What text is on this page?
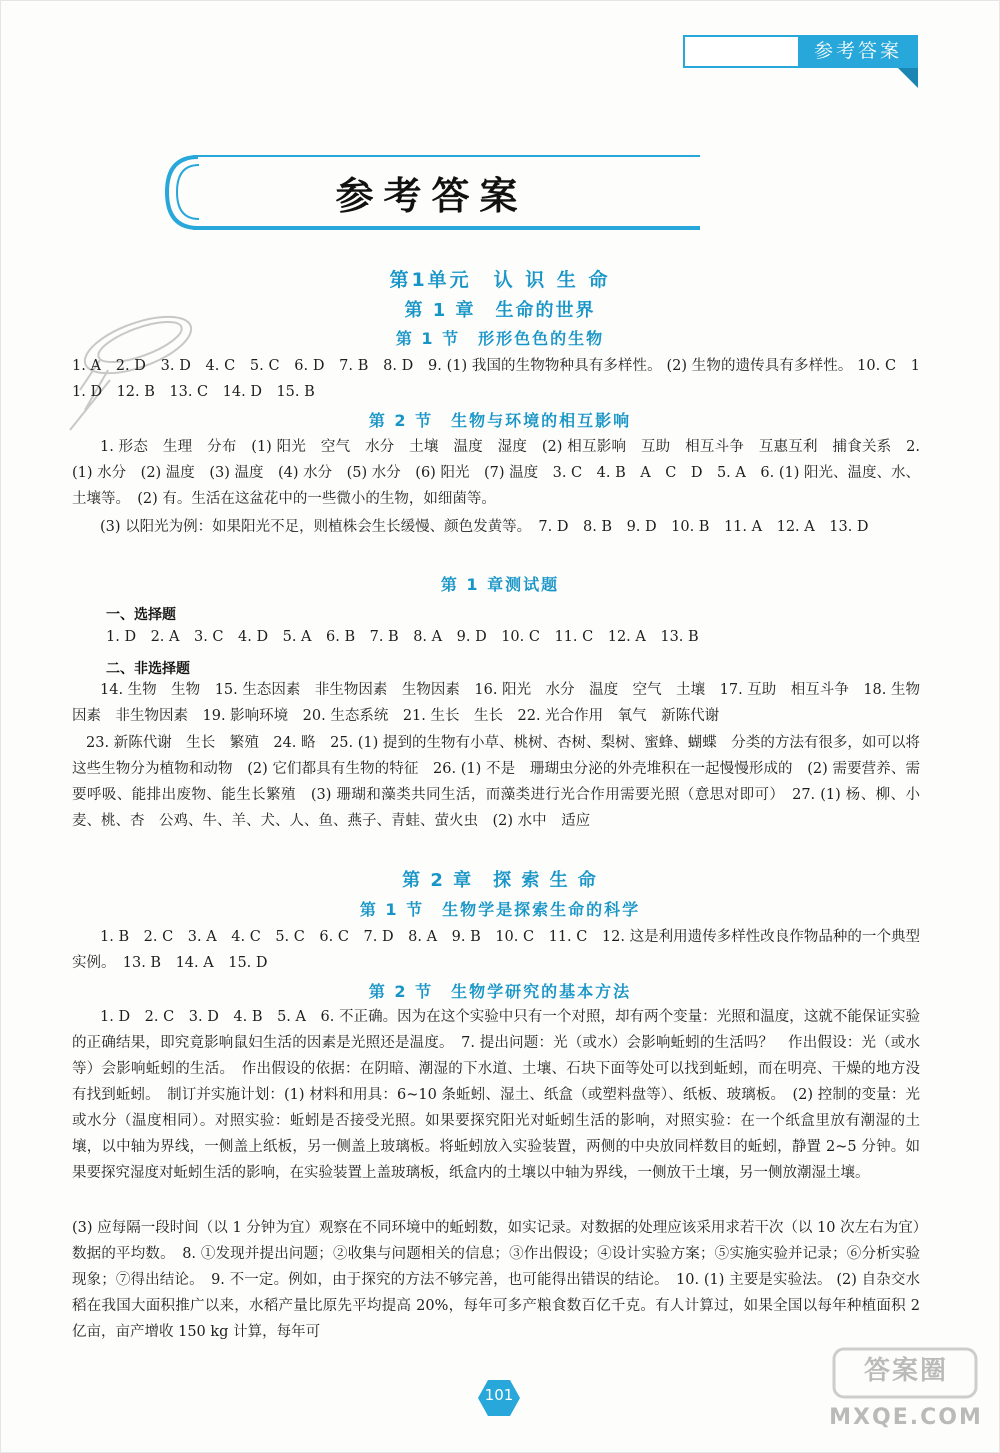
参考答案
参考答案
第1单元　认 识 生 命
第 1 章　生命的世界
第 1 节　形形色色的生物
1. A　2. D　3. D　4. C　5. C　6. D　7. B　8. D　9. (1) 我国的生物物种具有多样性。 (2) 生物的遗传具有多样性。 10. C　11. D　12. B　13. C　14. D　15. B
第 2 节　生物与环境的相互影响
1. 形态　生理　分布　(1) 阳光　空气　水分　土壤　温度　湿度　(2) 相互影响　互助　相互斗争　互惠互利　捕食关系　2. (1) 水分　(2) 温度　(3) 温度　(4) 水分　(5) 水分　(6) 阳光　(7) 温度　3. C　4. B　A　C　D　5. A　6. (1) 阳光、温度、水、土壤等。　(2) 有。生活在这盆花中的一些微小的生物，如细菌等。
(3) 以阳光为例：如果阳光不足，则植株会生长缓慢、颜色发黄等。　7. D　8. B　9. D　10. B　11. A　12. A　13. D
第 1 章测试题
一、选择题
1. D　2. A　3. C　4. D　5. A　6. B　7. B　8. A　9. D　10. C　11. C　12. A　13. B
二、非选择题
14. 生物　生物　15. 生态因素　非生物因素　生物因素　16. 阳光　水分　温度　空气　土壤　17. 互助　相互斗争　18. 生物因素　非生物因素　19. 影响环境　20. 生态系统　21. 生长　生长　22. 光合作用　氧气　新陈代谢
23. 新陈代谢　生长　繁殖　24. 略　25. (1) 提到的生物有小草、桃树、杏树、梨树、蜜蜂、蝴蝶　分类的方法有很多，如可以将这些生物分为植物和动物　(2) 它们都具有生物的特征　26. (1) 不是　珊瑚虫分泌的外壳堆积在一起慢慢形成的　(2) 需要营养、需要呼吸、能排出废物、能生长繁殖　(3) 珊瑚和藻类共同生活，而藻类进行光合作用需要光照（意思对即可）　27. (1) 杨、柳、小麦、桃、杏　公鸡、牛、羊、犬、人、鱼、燕子、青蛙、萤火虫　(2) 水中　适应
第 2 章　探 索 生 命
第 1 节　生物学是探索生命的科学
1. B　2. C　3. A　4. C　5. C　6. C　7. D　8. A　9. B　10. C　11. C　12. 这是利用遗传多样性改良作物品种的一个典型实例。　13. B　14. A　15. D
第 2 节　生物学研究的基本方法
1. D　2. C　3. D　4. B　5. A　6. 不正确。因为在这个实验中只有一个对照，却有两个变量：光照和温度，这就不能保证实验的正确结果，即究竟影响鼠妇生活的因素是光照还是温度。　7. 提出问题：光（或水）会影响蚯蚓的生活吗？　作出假设：光（或水等）会影响蚯蚓的生活。　作出假设的依据：在阴暗、潮湿的下水道、土壤、石块下面等处可以找到蚯蚓，而在明亮、干燥的地方没有找到蚯蚓。　制订并实施计划：(1) 材料和用具：6~10 条蚯蚓、湿土、纸盒（或塑料盘等）、纸板、玻璃板。　(2) 控制的变量：光或水分（温度相同）。对照实验：蚯蚓是否接受光照。如果要探究阳光对蚯蚓生活的影响，对照实验：在一个纸盒里放有潮湿的土壤，以中轴为界线，一侧盖上纸板，另一侧盖上玻璃板。将蚯蚓放入实验装置，两侧的中央放同样数目的蚯蚓，静置 2~5 分钟。如果要探究湿度对蚯蚓生活的影响，在实验装置上盖玻璃板，纸盒内的土壤以中轴为界线，一侧放干土壤，另一侧放潮湿土壤。
(3) 应每隔一段时间（以 1 分钟为宜）观察在不同环境中的蚯蚓数，如实记录。对数据的处理应该采用求若干次（以 10 次左右为宜）数据的平均数。　8. ①发现并提出问题；②收集与问题相关的信息；③作出假设；④设计实验方案；⑤实施实验并记录；⑥分析实验现象；⑦得出结论。　9. 不一定。例如，由于探究的方法不够完善，也可能得出错误的结论。　10. (1) 主要是实验法。 (2) 自杂交水稻在我国大面积推广以来，水稻产量比原先平均提高 20%，每年可多产粮食数百亿千克。有人计算过，如果全国以每年种植面积 2 亿亩，亩产增收 150 kg 计算，每年可
101
答案圈
MXQE.COM
